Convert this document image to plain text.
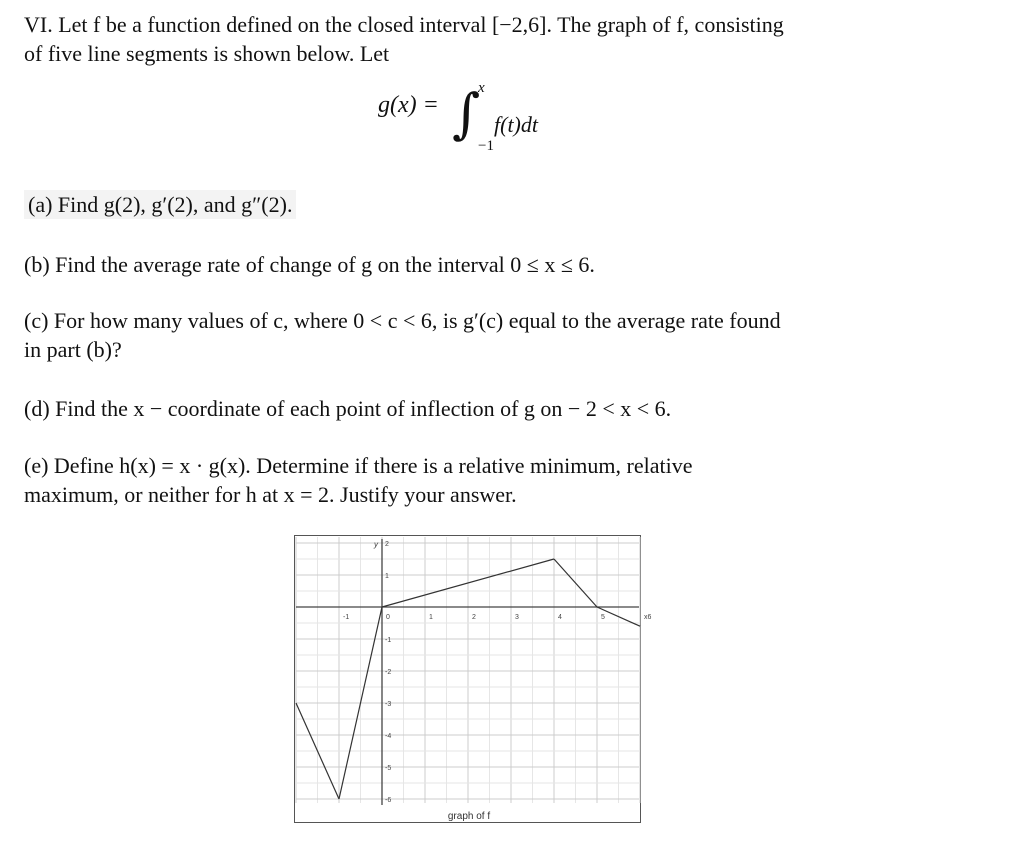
VI. Let f be a function defined on the closed interval [−2,6]. The graph of f, consisting
of five line segments is shown below. Let
g(x) = ∫
x
−1
f(t)dt
(a) Find g(2), g′(2), and g″(2).
(b) Find the average rate of change of g on the interval 0 ≤ x ≤ 6.
(c) For how many values of c, where 0 < c < 6, is g′(c) equal to the average rate found
in part (b)?
(d) Find the x − coordinate of each point of inflection of g on − 2 < x < 6.
(e) Define h(x) = x · g(x). Determine if there is a relative minimum, relative
maximum, or neither for h at x = 2. Justify your answer.
-1	0	1	2	3	4	5	x6
2
1
-1
-2
-3
-4
-5
-6
graph of f
y
